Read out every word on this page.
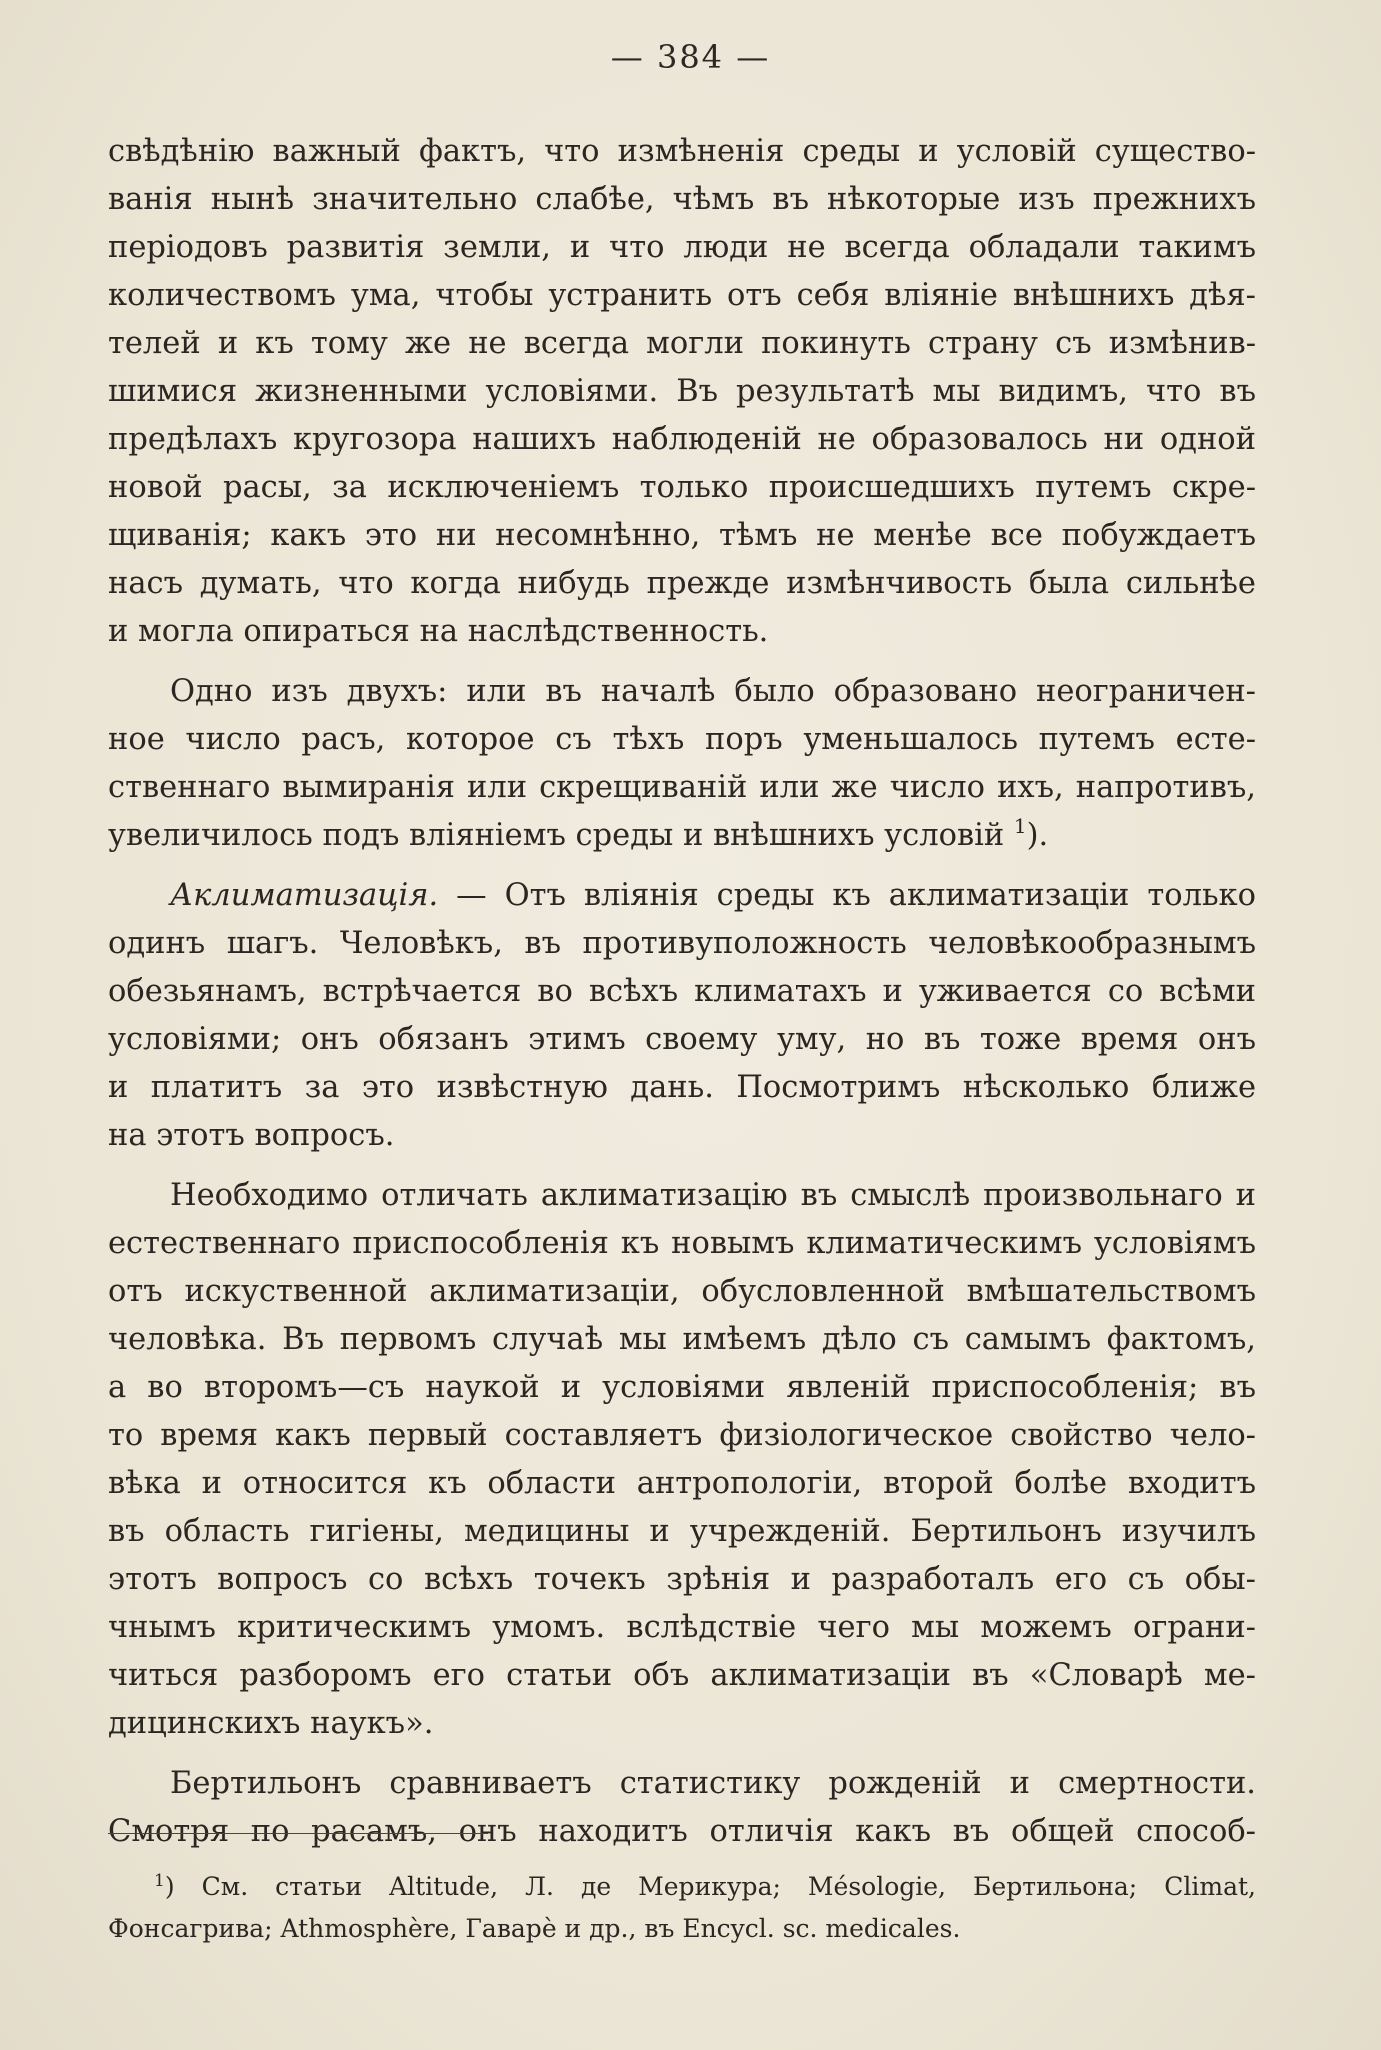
— 384 —
свѣдѣнію важный фактъ, что измѣненія среды и условій существо-
ванія нынѣ значительно слабѣе, чѣмъ въ нѣкоторые изъ прежнихъ
періодовъ развитія земли, и что люди не всегда обладали такимъ
количествомъ ума, чтобы устранить отъ себя вліяніе внѣшнихъ дѣя-
телей и къ тому же не всегда могли покинуть страну съ измѣнив-
шимися жизненными условіями. Въ результатѣ мы видимъ, что въ
предѣлахъ кругозора нашихъ наблюденій не образовалось ни одной
новой расы, за исключеніемъ только происшедшихъ путемъ скре-
щиванія; какъ это ни несомнѣнно, тѣмъ не менѣе все побуждаетъ
насъ думать, что когда нибудь прежде измѣнчивость была сильнѣе
и могла опираться на наслѣдственность.
Одно изъ двухъ: или въ началѣ было образовано неограничен-
ное число расъ, которое съ тѣхъ поръ уменьшалось путемъ есте-
ственнаго вымиранія или скрещиваній или же число ихъ, напротивъ,
увеличилось подъ вліяніемъ среды и внѣшнихъ условій $^1$).
Аклиматизація. — Отъ вліянія среды къ аклиматизаціи только
одинъ шагъ. Человѣкъ, въ противуположность человѣкообразнымъ
обезьянамъ, встрѣчается во всѣхъ климатахъ и уживается со всѣми
условіями; онъ обязанъ этимъ своему уму, но въ тоже время онъ
и платитъ за это извѣстную дань. Посмотримъ нѣсколько ближе
на этотъ вопросъ.
Необходимо отличать аклиматизацію въ смыслѣ произвольнаго и
естественнаго приспособленія къ новымъ климатическимъ условіямъ
отъ искуственной аклиматизаціи, обусловленной вмѣшательствомъ
человѣка. Въ первомъ случаѣ мы имѣемъ дѣло съ самымъ фактомъ,
а во второмъ—съ наукой и условіями явленій приспособленія; въ
то время какъ первый составляетъ физіологическое свойство чело-
вѣка и относится къ области антропологіи, второй болѣе входитъ
въ область гигіены, медицины и учрежденій. Бертильонъ изучилъ
этотъ вопросъ со всѣхъ точекъ зрѣнія и разработалъ его съ обы-
чнымъ критическимъ умомъ. вслѣдствіе чего мы можемъ ограни-
читься разборомъ его статьи объ аклиматизаціи въ «Словарѣ ме-
дицинскихъ наукъ».
Бертильонъ сравниваетъ статистику рожденій и смертности.
Смотря по расамъ, онъ находитъ отличія какъ въ общей способ-
$^1$) См. статьи Altitude, Л. де Мерикура; Mésologie, Бертильона; Climat,
Фонсагрива; Athmosphère, Гаварè и др., въ Encycl. sc. medicales.
